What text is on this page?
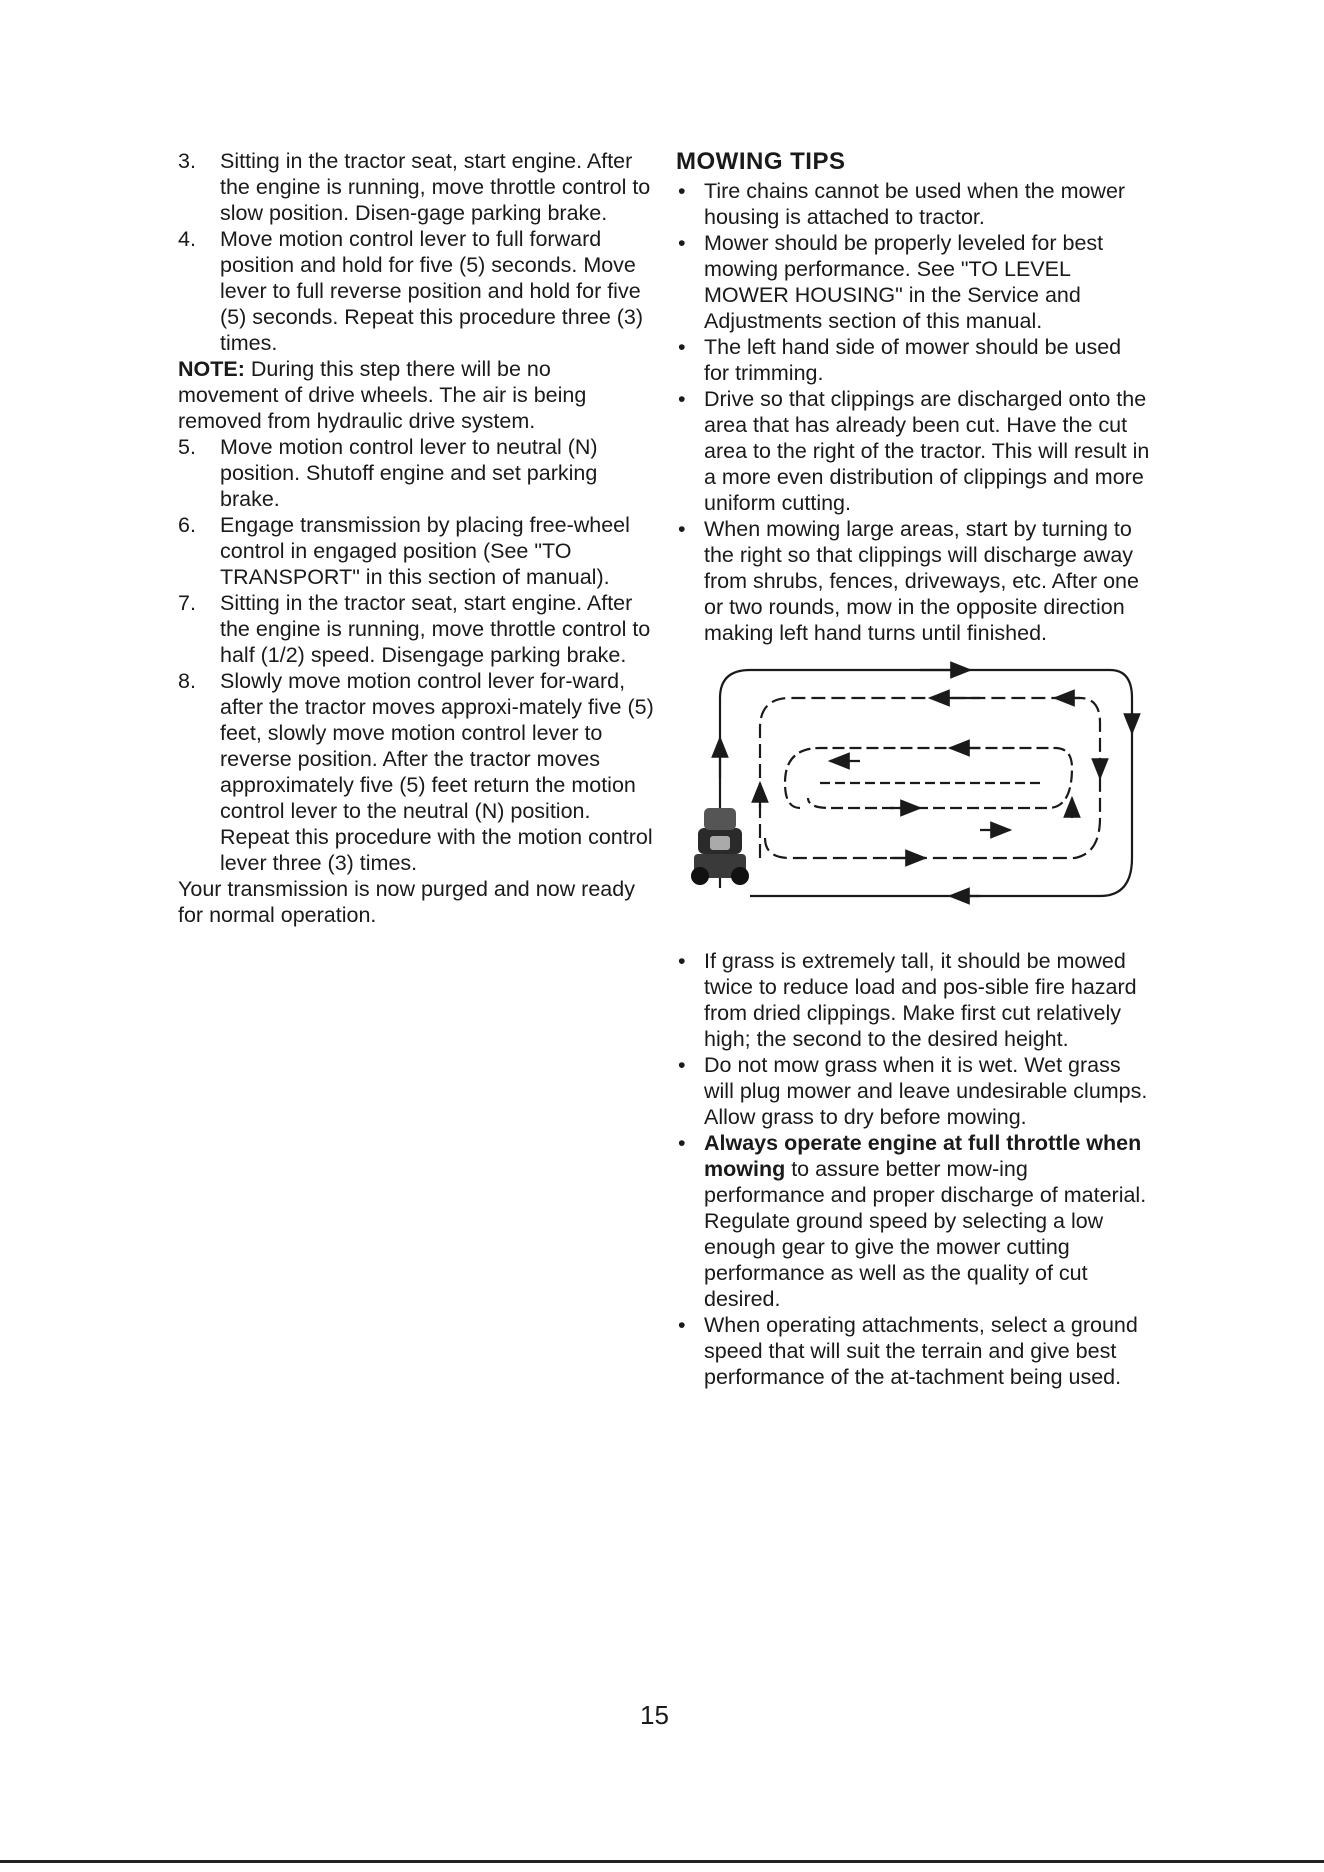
3.	Sitting in the tractor seat, start engine. After the engine is running, move throttle control to slow position. Disen-gage parking brake.
4.	Move motion control lever to full forward position and hold for five (5) seconds. Move lever to full reverse position and hold for five (5) seconds. Repeat this procedure three (3) times.

NOTE: During this step there will be no movement of drive wheels. The air is being removed from hydraulic drive system.

5.	Move motion control lever to neutral (N) position. Shutoff engine and set parking brake.
6.	Engage transmission by placing free-wheel control in engaged position (See "TO TRANSPORT" in this section of manual).
7.	Sitting in the tractor seat, start engine. After the engine is running, move throttle control to half (1/2) speed. Disengage parking brake.
8.	Slowly move motion control lever for-ward, after the tractor moves approxi-mately five (5) feet, slowly move motion control lever to reverse position. After the tractor moves approximately five (5) feet return the motion control lever to the neutral (N) position. Repeat this procedure with the motion control lever three (3) times.

Your transmission is now purged and now ready for normal operation.

MOWING TIPS
• Tire chains cannot be used when the mower housing is attached to tractor.
• Mower should be properly leveled for best mowing performance. See "TO LEVEL MOWER HOUSING" in the Service and Adjustments section of this manual.
• The left hand side of mower should be used for trimming.
• Drive so that clippings are discharged onto the area that has already been cut. Have the cut area to the right of the tractor. This will result in a more even distribution of clippings and more uniform cutting.
• When mowing large areas, start by turning to the right so that clippings will discharge away from shrubs, fences, driveways, etc. After one or two rounds, mow in the opposite direction making left hand turns until finished.
• If grass is extremely tall, it should be mowed twice to reduce load and pos-sible fire hazard from dried clippings. Make first cut relatively high; the second to the desired height.
• Do not mow grass when it is wet. Wet grass will plug mower and leave undesirable clumps. Allow grass to dry before mowing.
• Always operate engine at full throttle when mowing to assure better mow-ing performance and proper discharge of material. Regulate ground speed by selecting a low enough gear to give the mower cutting performance as well as the quality of cut desired.
• When operating attachments, select a ground speed that will suit the terrain and give best performance of the at-tachment being used.
15
